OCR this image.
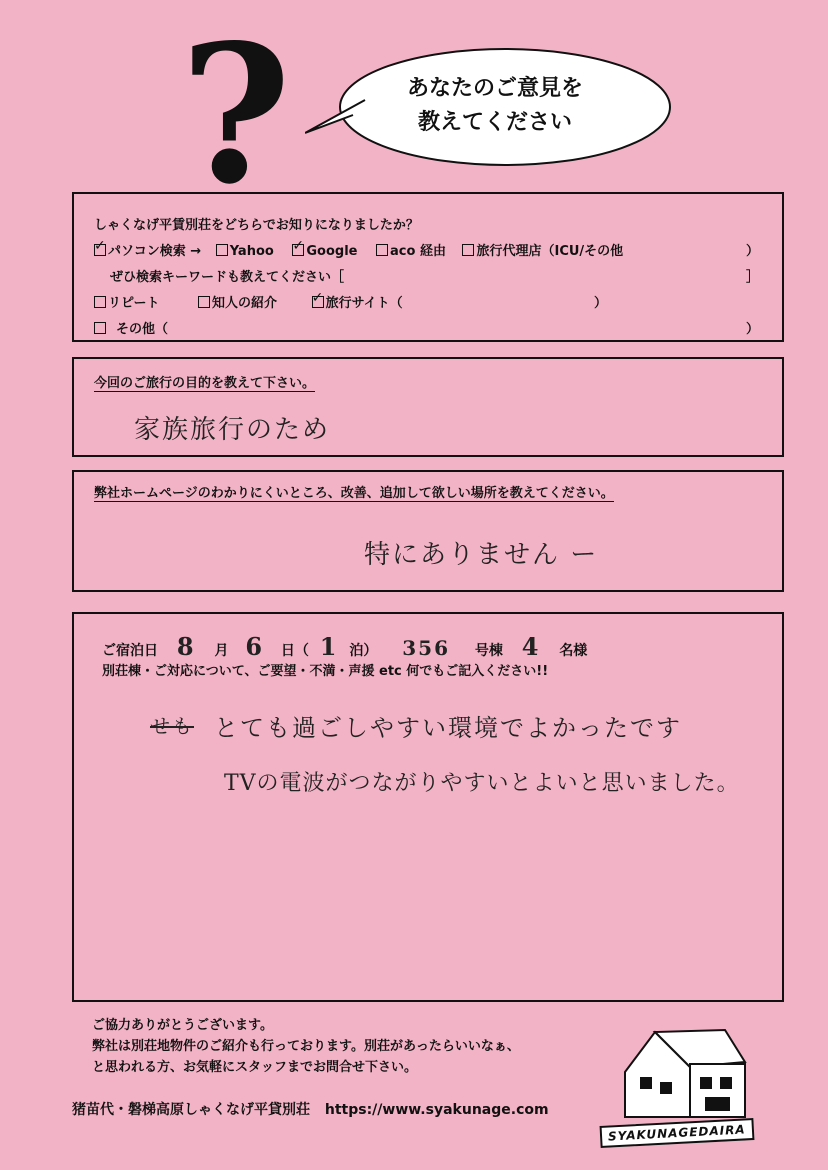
?	あなたのご意見を
教えてください
しゃくなげ平賃別荘をどちらでお知りになりましたか？
✓パソコン検索 → Yahoo ✓	Google	aco 経由 旅行代理店（ICU/その他	）
ぜひ検索キーワードも教えてください［	］
リピート	知人の紹介 ✓	旅行サイト（	）
その他（	）
今回のご旅行の目的を教えて下さい。
家族旅行のため
弊社ホームページのわかりにくいところ、改善、追加して欲しい場所を教えてください。
特にありません ー
ご宿泊日 8 月 6 日（ 1 泊） 356 号棟 4 名様
別荘棟・ご対応について、ご要望・不満・声援 etc 何でもご記入ください!!
せも とても過ごしやすい環境でよかったです
TVの電波がつながりやすいとよいと思いました。
ご協力ありがとうございます。
弊社は別荘地物件のご紹介も行っております。別荘があったらいいなぁ、
と思われる方、お気軽にスタッフまでお問合せ下さい。
猪苗代・磐梯高原しゃくなげ平貸別荘 https://www.syakunage.com
SYAKUNAGEDAIRA
